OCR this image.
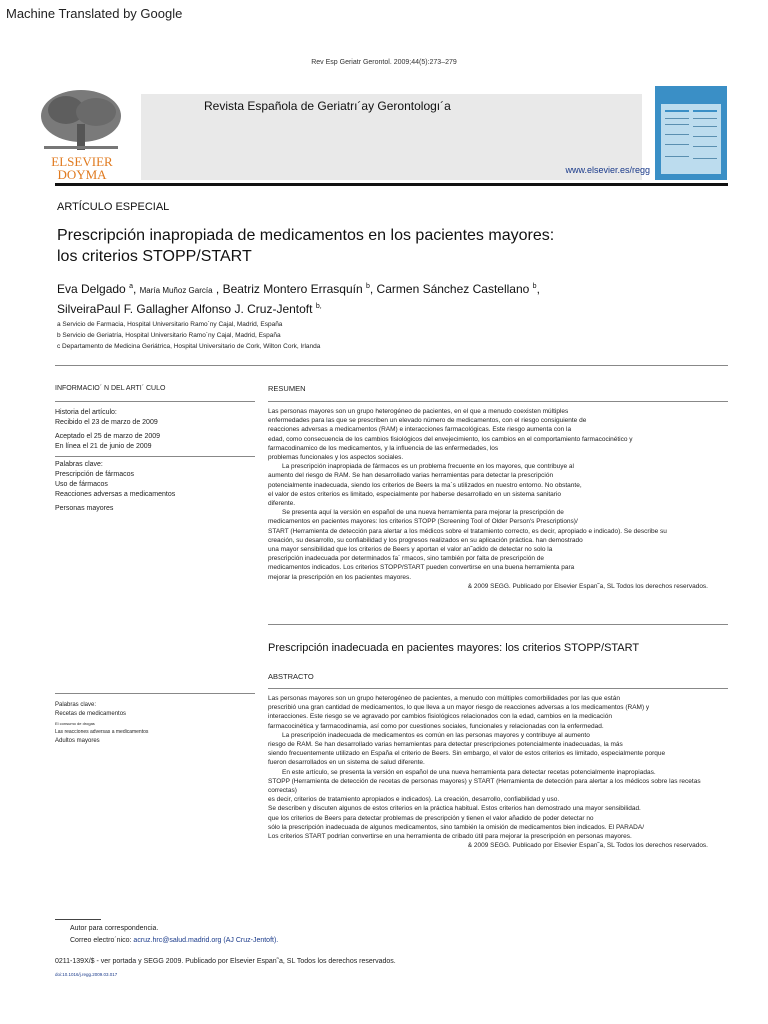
Machine Translated by Google
Rev Esp Geriatr Gerontol. 2009;44(5):273–279
ELSEVIER
DOYMA
Revista Española de Geriatrı´ay Gerontologı´a
www.elsevier.es/regg
ARTÍCULO ESPECIAL
Prescripción inapropiada de medicamentos en los pacientes mayores:
los criterios STOPP/START
Eva Delgado $^a$, María Muñoz García , Beatriz Montero Errasquín $^b$, Carmen Sánchez Castellano $^b$,
SilveiraPaul F. Gallagher Alfonso J. Cruz-Jentoft $^{b,}$
a Servicio de Farmacia, Hospital Universitario Ramo´ny Cajal, Madrid, España
b Servicio de Geriatría, Hospital Universitario Ramo´ny Cajal, Madrid, España
c Departamento de Medicina Geriátrica, Hospital Universitario de Cork, Wilton Cork, Irlanda
INFORMACIO´ N DEL ARTI´ CULO
Historia del artículo:
Recibido el 23 de marzo de 2009
Aceptado el 25 de marzo de 2009
En línea el 21 de junio de 2009
Palabras clave:
Prescripción de fármacos
Uso de fármacos
Reacciones adversas a medicamentos
Personas mayores
RESUMEN

Las personas mayores son un grupo heterogéneo de pacientes, en el que a menudo coexisten múltiples
enfermedades para las que se prescriben un elevado número de medicamentos, con el riesgo consiguiente de
reacciones adversas a medicamentos (RAM) e interacciones farmacológicas. Este riesgo aumenta con la
edad, como consecuencia de los cambios fisiológicos del envejecimiento, los cambios en el comportamiento farmacocinético y
farmacodinamico de los medicamentos, y la influencia de las enfermedades, los
problemas funcionales y los aspectos sociales.

La prescripción inapropiada de fármacos es un problema frecuente en los mayores, que contribuye al
aumento del riesgo de RAM. Se han desarrollado varias herramientas para detectar la prescripción
potencialmente inadecuada, siendo los criterios de Beers la ma´s utilizados en nuestro entorno. No obstante,
el valor de estos criterios es limitado, especialmente por haberse desarrollado en un sistema sanitario
diferente.

Se presenta aquí la versión en español de una nueva herramienta para mejorar la prescripción de
medicamentos en pacientes mayores: los criterios STOPP (Screening Tool of Older Person's Prescriptions)/
START (Herramienta de detección para alertar a los médicos sobre el tratamiento correcto, es decir, apropiado e indicado). Se describe su
creación, su desarrollo, su confiabilidad y los progresos realizados en su aplicación práctica. han demostrado
una mayor sensibilidad que los criterios de Beers y aportan el valor an˜adido de detectar no solo la
prescripción inadecuada por determinados fa´ rmacos, sino también por falta de prescripción de
medicamentos indicados. Los criterios STOPP/START pueden convertirse en una buena herramienta para
mejorar la prescripción en los pacientes mayores.

& 2009 SEGG. Publicado por Elsevier Espan˜a, SL Todos los derechos reservados.

Prescripción inadecuada en pacientes mayores: los criterios STOPP/START
ABSTRACTO
Palabras clave:
Recetas de medicamentos
El consumo de drogas
Las reacciones adversas a medicamentos
Adultos mayores

Las personas mayores son un grupo heterogéneo de pacientes, a menudo con múltiples comorbilidades por las que están
prescribió una gran cantidad de medicamentos, lo que lleva a un mayor riesgo de reacciones adversas a los medicamentos (RAM) y
interacciones. Este riesgo se ve agravado por cambios fisiológicos relacionados con la edad, cambios en la medicación
farmacocinética y farmacodinamia, así como por cuestiones sociales, funcionales y relacionadas con la enfermedad.

La prescripción inadecuada de medicamentos es común en las personas mayores y contribuye al aumento
riesgo de RAM. Se han desarrollado varias herramientas para detectar prescripciones potencialmente inadecuadas, la más
siendo frecuentemente utilizado en España el criterio de Beers. Sin embargo, el valor de estos criterios es limitado, especialmente porque
fueron desarrollados en un sistema de salud diferente.

En este artículo, se presenta la versión en español de una nueva herramienta para detectar recetas potencialmente inapropiadas.
STOPP (Herramienta de detección de recetas de personas mayores) y START (Herramienta de detección para alertar a los médicos sobre las recetas correctas)
es decir, criterios de tratamiento apropiados e indicados). La creación, desarrollo, confiabilidad y uso.
Se describen y discuten algunos de estos criterios en la práctica habitual. Estos criterios han demostrado una mayor sensibilidad.
que los criterios de Beers para detectar problemas de prescripción y tienen el valor añadido de poder detectar no
sólo la prescripción inadecuada de algunos medicamentos, sino también la omisión de medicamentos bien indicados. El PARADA/
Los criterios START podrían convertirse en una herramienta de cribado útil para mejorar la prescripción en personas mayores.

& 2009 SEGG. Publicado por Elsevier Espan˜a, SL Todos los derechos reservados.

Autor para correspondencia.
Correo electro´nico: acruz.hrc@salud.madrid.org (AJ Cruz-Jentoft).
0211-139X/$ - ver portada y SEGG 2009. Publicado por Elsevier Espan˜a, SL Todos los derechos reservados.
doi:10.1016/j.regg.2009.03.017
